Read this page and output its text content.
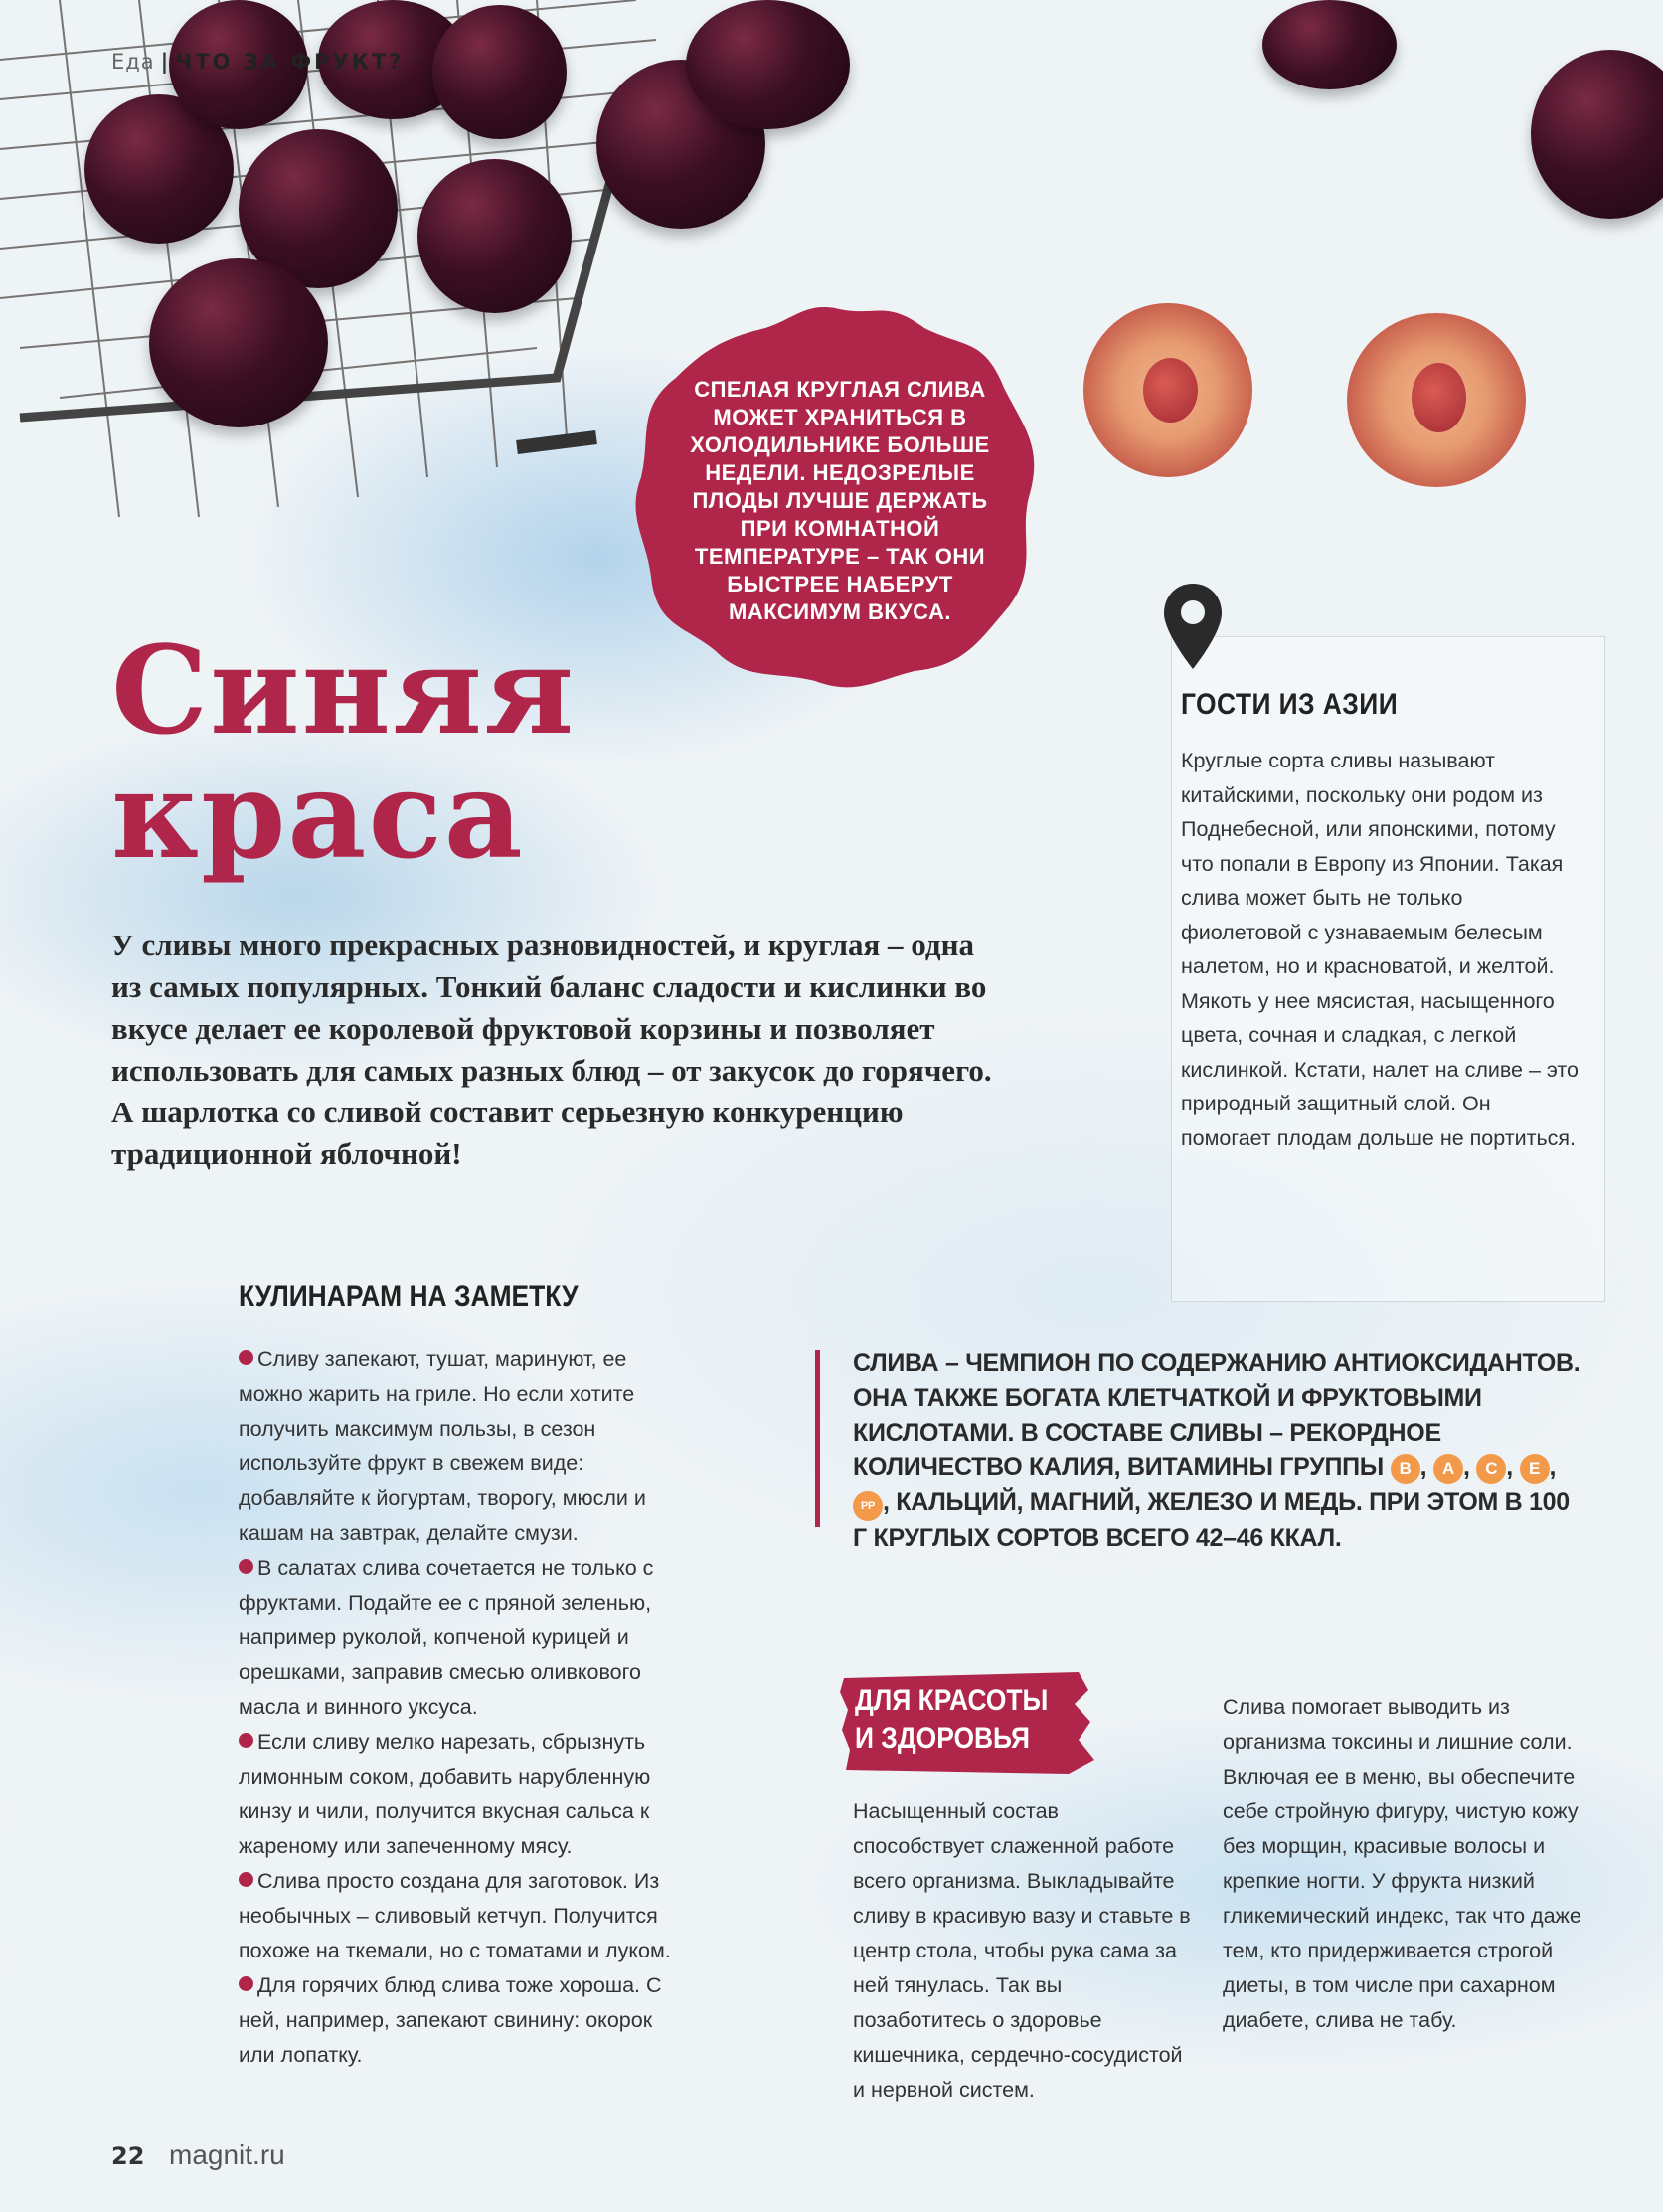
Еда | ЧТО ЗА ФРУКТ?
СПЕЛАЯ КРУГЛАЯ СЛИВА МОЖЕТ ХРАНИТЬСЯ В ХОЛОДИЛЬНИКЕ БОЛЬШЕ НЕДЕЛИ. НЕДОЗРЕЛЫЕ ПЛОДЫ ЛУЧШЕ ДЕРЖАТЬ ПРИ КОМНАТНОЙ ТЕМПЕРАТУРЕ – ТАК ОНИ БЫСТРЕЕ НАБЕРУТ МАКСИМУМ ВКУСА.
Синяя
краса
У сливы много прекрасных разновидностей, и круглая – одна из самых популярных. Тонкий баланс сладости и кислинки во вкусе делает ее королевой фруктовой корзины и позволяет использовать для самых разных блюд – от закусок до горячего. А шарлотка со сливой составит серьезную конкуренцию традиционной яблочной!
ГОСТИ ИЗ АЗИИ
Круглые сорта сливы называют китайскими, поскольку они родом из Поднебесной, или японскими, потому что попали в Европу из Японии. Такая слива может быть не только фиолетовой с узнаваемым белесым налетом, но и красноватой, и желтой. Мякоть у нее мясистая, насыщенного цвета, сочная и сладкая, с легкой кислинкой. Кстати, налет на сливе – это природный защитный слой. Он помогает плодам дольше не портиться.
КУЛИНАРАМ НА ЗАМЕТКУ

Сливу запекают, тушат, маринуют, ее можно жарить на гриле. Но если хотите получить максимум пользы, в сезон используйте фрукт в свежем виде: добавляйте к йогуртам, творогу, мюсли и кашам на завтрак, делайте смузи.

В салатах слива сочетается не только с фруктами. Подайте ее с пряной зеленью, например руколой, копченой курицей и орешками, заправив смесью оливкового масла и винного уксуса.

Если сливу мелко нарезать, сбрызнуть лимонным соком, добавить нарубленную кинзу и чили, получится вкусная сальса к жареному или запеченному мясу.

Слива просто создана для заготовок. Из необычных – сливовый кетчуп. Получится похоже на ткемали, но с томатами и луком.

Для горячих блюд слива тоже хороша. С ней, например, запекают свинину: окорок или лопатку.

СЛИВА – ЧЕМПИОН ПО СОДЕРЖАНИЮ АНТИОКСИДАНТОВ. ОНА ТАКЖЕ БОГАТА КЛЕТЧАТКОЙ И ФРУКТОВЫМИ КИСЛОТАМИ. В СОСТАВЕ СЛИВЫ – РЕКОРДНОЕ КОЛИЧЕСТВО КАЛИЯ, ВИТАМИНЫ ГРУППЫ B , A , C , E , PP , КАЛЬЦИЙ, МАГНИЙ, ЖЕЛЕЗО И МЕДЬ. ПРИ ЭТОМ В 100 Г КРУГЛЫХ СОРТОВ ВСЕГО 42–46 ККАЛ.
ДЛЯ КРАСОТЫ
И ЗДОРОВЬЯ
Насыщенный состав способствует слаженной работе всего организма. Выкладывайте сливу в красивую вазу и ставьте в центр стола, чтобы рука сама за ней тянулась. Так вы позаботитесь о здоровье кишечника, сердечно-сосудистой и нервной систем.
Слива помогает выводить из организма токсины и лишние соли. Включая ее в меню, вы обеспечите себе стройную фигуру, чистую кожу без морщин, красивые волосы и крепкие ногти. У фрукта низкий гликемический индекс, так что даже тем, кто придерживается строгой диеты, в том числе при сахарном диабете, слива не табу.
22 magnit.ru
